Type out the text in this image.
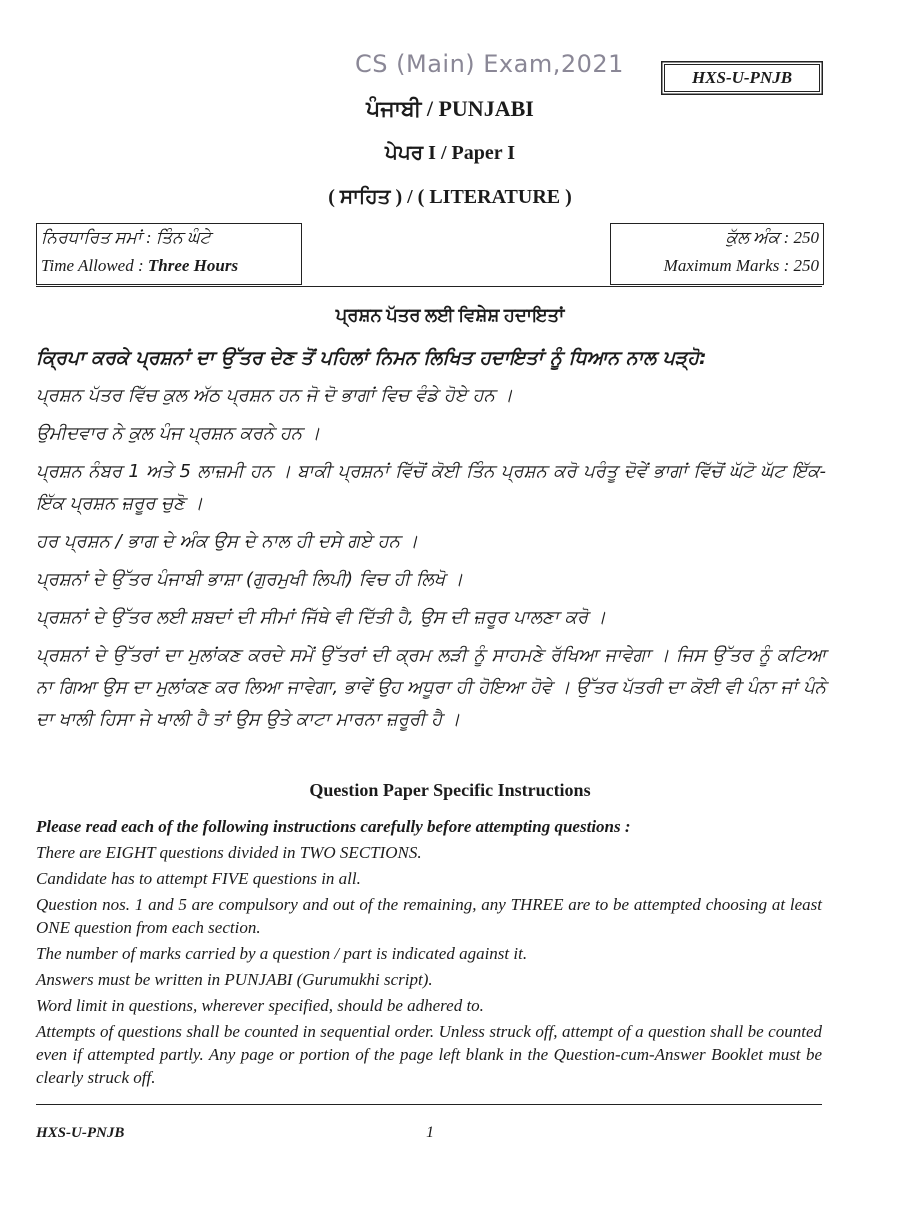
CS (Main) Exam,2021	HXS-U-PNJB
ਪੰਜਾਬੀ / PUNJABI
ਪੇਪਰ I / Paper I
( ਸਾਹਿਤ ) / ( LITERATURE )
ਨਿਰਧਾਰਿਤ ਸਮਾਂ : ਤਿੰਨ ਘੰਟੇ
Time Allowed : Three Hours
ਕੁੱਲ ਅੰਕ : 250
Maximum Marks : 250
ਪ੍ਰਸ਼ਨ ਪੱਤਰ ਲਈ ਵਿਸ਼ੇਸ਼ ਹਦਾਇਤਾਂ

ਕ੍ਰਿਪਾ ਕਰਕੇ ਪ੍ਰਸ਼ਨਾਂ ਦਾ ਉੱਤਰ ਦੇਣ ਤੋਂ ਪਹਿਲਾਂ ਨਿਮਨ ਲਿਖਿਤ ਹਦਾਇਤਾਂ ਨੂੰ ਧਿਆਨ ਨਾਲ ਪੜ੍ਹੋ:

ਪ੍ਰਸ਼ਨ ਪੱਤਰ ਵਿੱਚ ਕੁਲ ਅੱਠ ਪ੍ਰਸ਼ਨ ਹਨ ਜੋ ਦੋ ਭਾਗਾਂ ਵਿਚ ਵੰਡੇ ਹੋਏ ਹਨ ।

ਉਮੀਦਵਾਰ ਨੇ ਕੁਲ ਪੰਜ ਪ੍ਰਸ਼ਨ ਕਰਨੇ ਹਨ ।

ਪ੍ਰਸ਼ਨ ਨੰਬਰ 1 ਅਤੇ 5 ਲਾਜ਼ਮੀ ਹਨ । ਬਾਕੀ ਪ੍ਰਸ਼ਨਾਂ ਵਿੱਚੋਂ ਕੋਈ ਤਿੰਨ ਪ੍ਰਸ਼ਨ ਕਰੋ ਪਰੰਤੂ ਦੋਵੇਂ ਭਾਗਾਂ ਵਿੱਚੋਂ ਘੱਟੋ ਘੱਟ ਇੱਕ-ਇੱਕ ਪ੍ਰਸ਼ਨ ਜ਼ਰੂਰ ਚੁਣੋ ।

ਹਰ ਪ੍ਰਸ਼ਨ / ਭਾਗ ਦੇ ਅੰਕ ਉਸ ਦੇ ਨਾਲ ਹੀ ਦਸੇ ਗਏ ਹਨ ।

ਪ੍ਰਸ਼ਨਾਂ ਦੇ ਉੱਤਰ ਪੰਜਾਬੀ ਭਾਸ਼ਾ (ਗੁਰਮੁਖੀ ਲਿਪੀ) ਵਿਚ ਹੀ ਲਿਖੋ ।

ਪ੍ਰਸ਼ਨਾਂ ਦੇ ਉੱਤਰ ਲਈ ਸ਼ਬਦਾਂ ਦੀ ਸੀਮਾਂ ਜਿੱਥੇ ਵੀ ਦਿੱਤੀ ਹੈ, ਉਸ ਦੀ ਜ਼ਰੂਰ ਪਾਲਣਾ ਕਰੋ ।

ਪ੍ਰਸ਼ਨਾਂ ਦੇ ਉੱਤਰਾਂ ਦਾ ਮੁਲਾਂਕਣ ਕਰਦੇ ਸਮੇਂ ਉੱਤਰਾਂ ਦੀ ਕ੍ਰਮ ਲੜੀ ਨੂੰ ਸਾਹਮਣੇ ਰੱਖਿਆ ਜਾਵੇਗਾ । ਜਿਸ ਉੱਤਰ ਨੂੰ ਕਟਿਆ ਨਾ ਗਿਆ ਉਸ ਦਾ ਮੁਲਾਂਕਣ ਕਰ ਲਿਆ ਜਾਵੇਗਾ, ਭਾਵੇਂ ਉਹ ਅਧੂਰਾ ਹੀ ਹੋਇਆ ਹੋਵੇ । ਉੱਤਰ ਪੱਤਰੀ ਦਾ ਕੋਈ ਵੀ ਪੰਨਾ ਜਾਂ ਪੰਨੇ ਦਾ ਖਾਲੀ ਹਿਸਾ ਜੇ ਖਾਲੀ ਹੈ ਤਾਂ ਉਸ ਉਤੇ ਕਾਟਾ ਮਾਰਨਾ ਜ਼ਰੂਰੀ ਹੈ ।

Question Paper Specific Instructions

Please read each of the following instructions carefully before attempting questions :

There are EIGHT questions divided in TWO SECTIONS.

Candidate has to attempt FIVE questions in all.

Question nos. 1 and 5 are compulsory and out of the remaining, any THREE are to be attempted choosing at least ONE question from each section.

The number of marks carried by a question / part is indicated against it.

Answers must be written in PUNJABI (Gurumukhi script).

Word limit in questions, wherever specified, should be adhered to.

Attempts of questions shall be counted in sequential order. Unless struck off, attempt of a question shall be counted even if attempted partly. Any page or portion of the page left blank in the Question-cum-Answer Booklet must be clearly struck off.

HXS-U-PNJB	1
